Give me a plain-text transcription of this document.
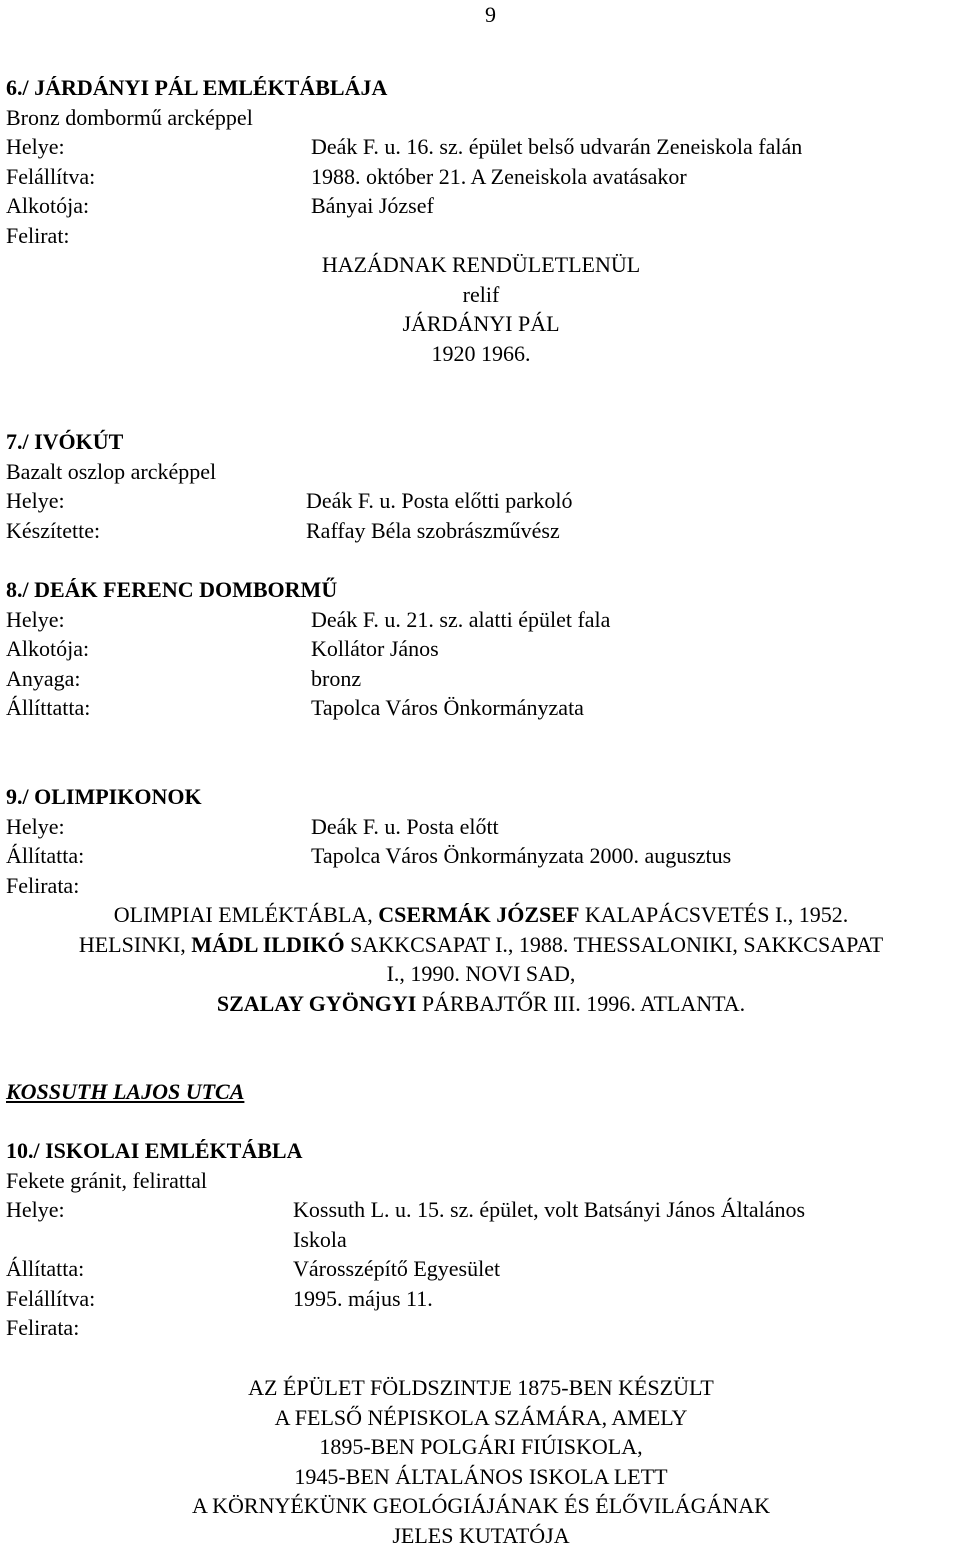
9
6./ JÁRDÁNYI PÁL EMLÉKTÁBLÁJA
Bronz dombormű arcképpel
Helye:	Deák F. u. 16. sz. épület belső udvarán Zeneiskola falán
Felállítva:	1988. október 21. A Zeneiskola avatásakor
Alkotója:	Bányai József
Felirat:
HAZÁDNAK RENDÜLETLENÜL
relif
JÁRDÁNYI PÁL
1920 1966.
7./ IVÓKÚT
Bazalt oszlop arcképpel
Helye:	Deák F. u. Posta előtti parkoló
Készítette:	Raffay Béla szobrászművész
8./ DEÁK FERENC DOMBORMŰ
Helye:	Deák F. u. 21. sz. alatti épület fala
Alkotója:	Kollátor János
Anyaga:	bronz
Állíttatta:	Tapolca Város Önkormányzata
9./ OLIMPIKONOK
Helye:	Deák F. u. Posta előtt
Állítatta:	Tapolca Város Önkormányzata 2000. augusztus
Felirata:
OLIMPIAI EMLÉKTÁBLA, CSERMÁK JÓZSEF KALAPÁCSVETÉS I., 1952.
HELSINKI, MÁDL ILDIKÓ SAKKCSAPAT I., 1988. THESSALONIKI, SAKKCSAPAT
I., 1990. NOVI SAD,
SZALAY GYÖNGYI PÁRBAJTŐR III. 1996. ATLANTA.
KOSSUTH LAJOS UTCA
10./ ISKOLAI EMLÉKTÁBLA
Fekete gránit, felirattal
Helye:	Kossuth L. u. 15. sz. épület, volt Batsányi János Általános
Iskola
Állítatta:	Városszépítő Egyesület
Felállítva:	1995. május 11.
Felirata:
AZ ÉPÜLET FÖLDSZINTJE 1875-BEN KÉSZÜLT
A FELSŐ NÉPISKOLA SZÁMÁRA, AMELY
1895-BEN POLGÁRI FIÚISKOLA,
1945-BEN ÁLTALÁNOS ISKOLA LETT
A KÖRNYÉKÜNK GEOLÓGIÁJÁNAK ÉS ÉLŐVILÁGÁNAK
JELES KUTATÓJA
